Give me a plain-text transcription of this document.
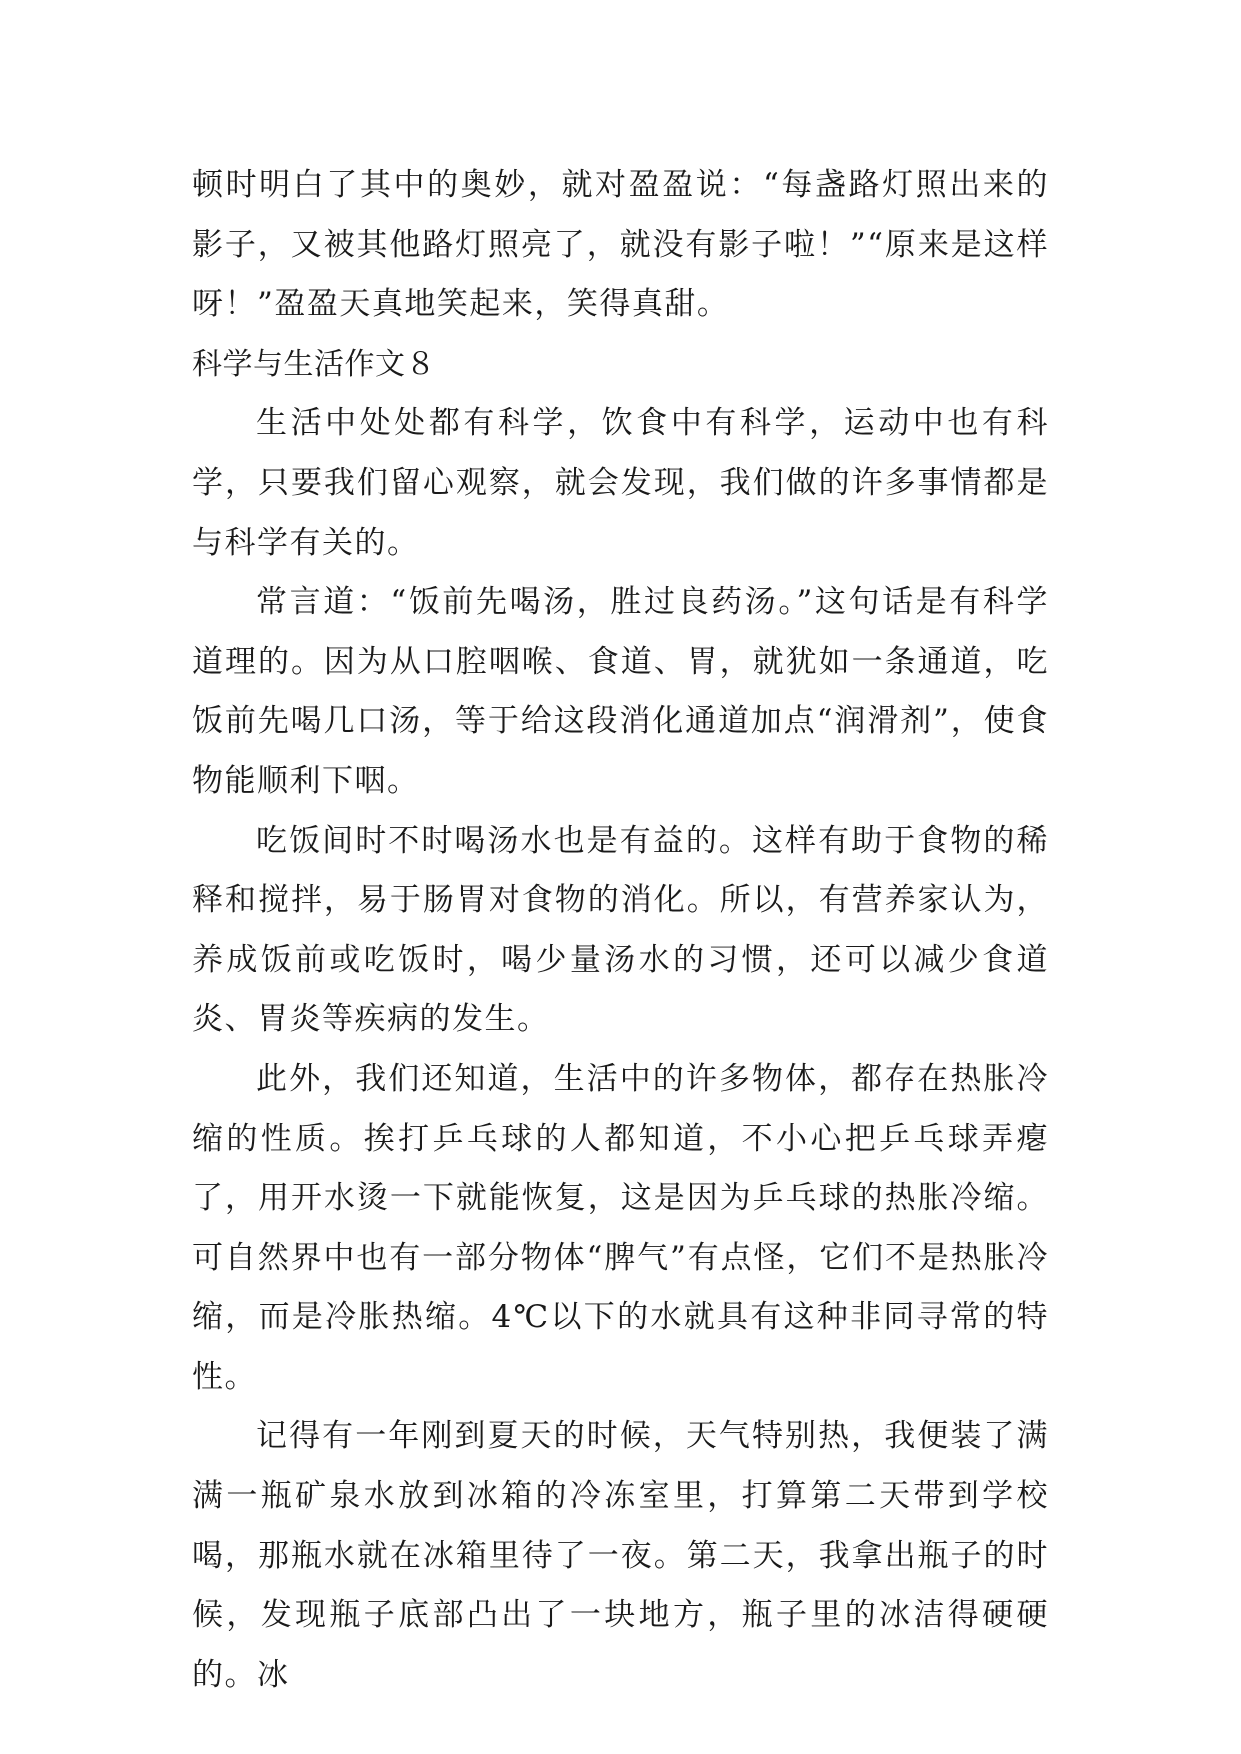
顿时明白了其中的奥妙，就对盈盈说：“每盏路灯照出来的影子，又被其他路灯照亮了，就没有影子啦！”“原来是这样呀！”盈盈天真地笑起来，笑得真甜。

科学与生活作文８

生活中处处都有科学，饮食中有科学，运动中也有科学，只要我们留心观察，就会发现，我们做的许多事情都是与科学有关的。

常言道：“饭前先喝汤，胜过良药汤。”这句话是有科学道理的。因为从口腔咽喉、食道、胃，就犹如一条通道，吃饭前先喝几口汤，等于给这段消化通道加点“润滑剂”，使食物能顺利下咽。

吃饭间时不时喝汤水也是有益的。这样有助于食物的稀释和搅拌，易于肠胃对食物的消化。所以，有营养家认为，养成饭前或吃饭时，喝少量汤水的习惯，还可以减少食道炎、胃炎等疾病的发生。

此外，我们还知道，生活中的许多物体，都存在热胀冷缩的性质。挨打乒乓球的人都知道，不小心把乒乓球弄瘪了，用开水烫一下就能恢复，这是因为乒乓球的热胀冷缩。可自然界中也有一部分物体“脾气”有点怪，它们不是热胀冷缩，而是冷胀热缩。4℃以下的水就具有这种非同寻常的特性。

记得有一年刚到夏天的时候，天气特别热，我便装了满满一瓶矿泉水放到冰箱的冷冻室里，打算第二天带到学校喝，那瓶水就在冰箱里待了一夜。第二天，我拿出瓶子的时候，发现瓶子底部凸出了一块地方，瓶子里的冰洁得硬硬的。冰
